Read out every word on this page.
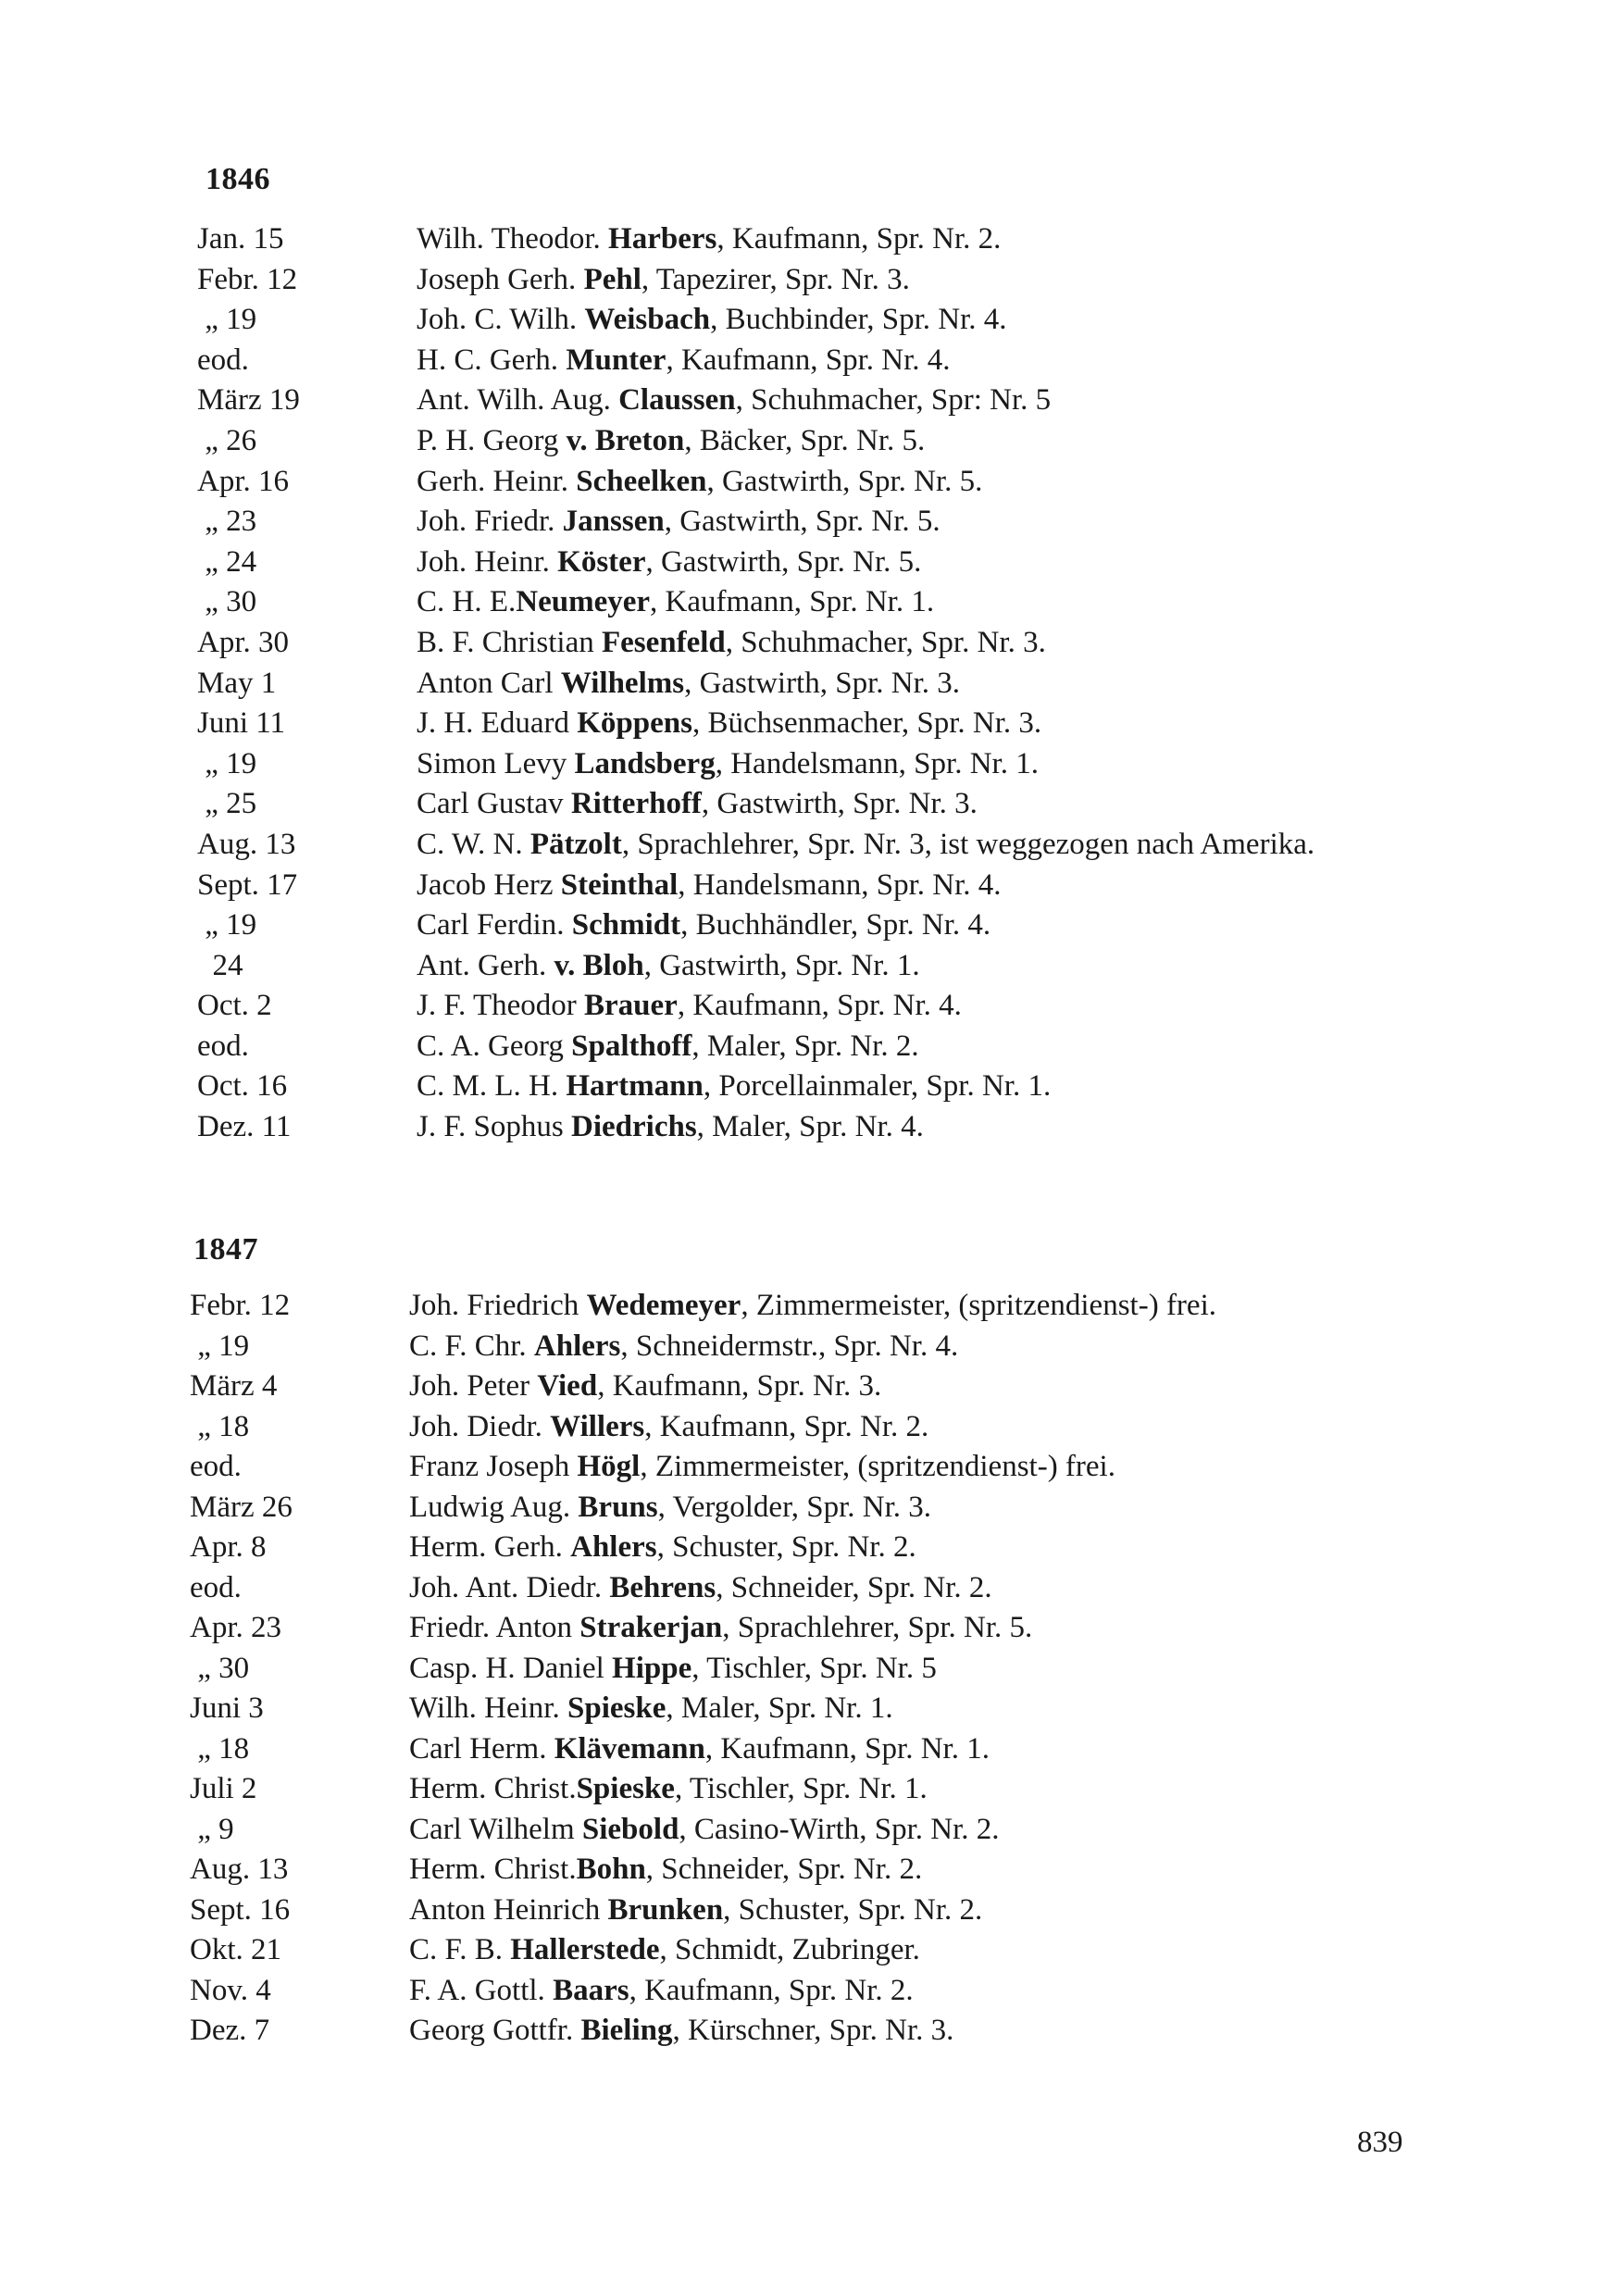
1846
Jan. 15	Wilh. Theodor. Harbers, Kaufmann, Spr. Nr. 2.
Febr. 12	Joseph Gerh. Pehl, Tapezirer, Spr. Nr. 3.
„ 19	Joh. C. Wilh. Weisbach, Buchbinder, Spr. Nr. 4.
eod.	H. C. Gerh. Munter, Kaufmann, Spr. Nr. 4.
März 19	Ant. Wilh. Aug. Claussen, Schuhmacher, Spr: Nr. 5
„ 26	P. H. Georg v. Breton, Bäcker, Spr. Nr. 5.
Apr. 16	Gerh. Heinr. Scheelken, Gastwirth, Spr. Nr. 5.
„ 23	Joh. Friedr. Janssen, Gastwirth, Spr. Nr. 5.
„ 24	Joh. Heinr. Köster, Gastwirth, Spr. Nr. 5.
„ 30	C. H. E.Neumeyer, Kaufmann, Spr. Nr. 1.
Apr. 30	B. F. Christian Fesenfeld, Schuhmacher, Spr. Nr. 3.
May 1	Anton Carl Wilhelms, Gastwirth, Spr. Nr. 3.
Juni 11	J. H. Eduard Köppens, Büchsenmacher, Spr. Nr. 3.
„ 19	Simon Levy Landsberg, Handelsmann, Spr. Nr. 1.
„ 25	Carl Gustav Ritterhoff, Gastwirth, Spr. Nr. 3.
Aug. 13	C. W. N. Pätzolt, Sprachlehrer, Spr. Nr. 3, ist weggezogen nach Amerika.
Sept. 17	Jacob Herz Steinthal, Handelsmann, Spr. Nr. 4.
„ 19	Carl Ferdin. Schmidt, Buchhändler, Spr. Nr. 4.
24	Ant. Gerh. v. Bloh, Gastwirth, Spr. Nr. 1.
Oct. 2	J. F. Theodor Brauer, Kaufmann, Spr. Nr. 4.
eod.	C. A. Georg Spalthoff, Maler, Spr. Nr. 2.
Oct. 16	C. M. L. H. Hartmann, Porcellainmaler, Spr. Nr. 1.
Dez. 11	J. F. Sophus Diedrichs, Maler, Spr. Nr. 4.
1847
Febr. 12	Joh. Friedrich Wedemeyer, Zimmermeister, (spritzendienst-) frei.
„ 19	C. F. Chr. Ahlers, Schneidermstr., Spr. Nr. 4.
März 4	Joh. Peter Vied, Kaufmann, Spr. Nr. 3.
„ 18	Joh. Diedr. Willers, Kaufmann, Spr. Nr. 2.
eod.	Franz Joseph Högl, Zimmermeister, (spritzendienst-) frei.
März 26	Ludwig Aug. Bruns, Vergolder, Spr. Nr. 3.
Apr. 8	Herm. Gerh. Ahlers, Schuster, Spr. Nr. 2.
eod.	Joh. Ant. Diedr. Behrens, Schneider, Spr. Nr. 2.
Apr. 23	Friedr. Anton Strakerjan, Sprachlehrer, Spr. Nr. 5.
„ 30	Casp. H. Daniel Hippe, Tischler, Spr. Nr. 5
Juni 3	Wilh. Heinr. Spieske, Maler, Spr. Nr. 1.
„ 18	Carl Herm. Klävemann, Kaufmann, Spr. Nr. 1.
Juli 2	Herm. Christ.Spieske, Tischler, Spr. Nr. 1.
„ 9	Carl Wilhelm Siebold, Casino-Wirth, Spr. Nr. 2.
Aug. 13	Herm. Christ.Bohn, Schneider, Spr. Nr. 2.
Sept. 16	Anton Heinrich Brunken, Schuster, Spr. Nr. 2.
Okt. 21	C. F. B. Hallerstede, Schmidt, Zubringer.
Nov. 4	F. A. Gottl. Baars, Kaufmann, Spr. Nr. 2.
Dez. 7	Georg Gottfr. Bieling, Kürschner, Spr. Nr. 3.
839
